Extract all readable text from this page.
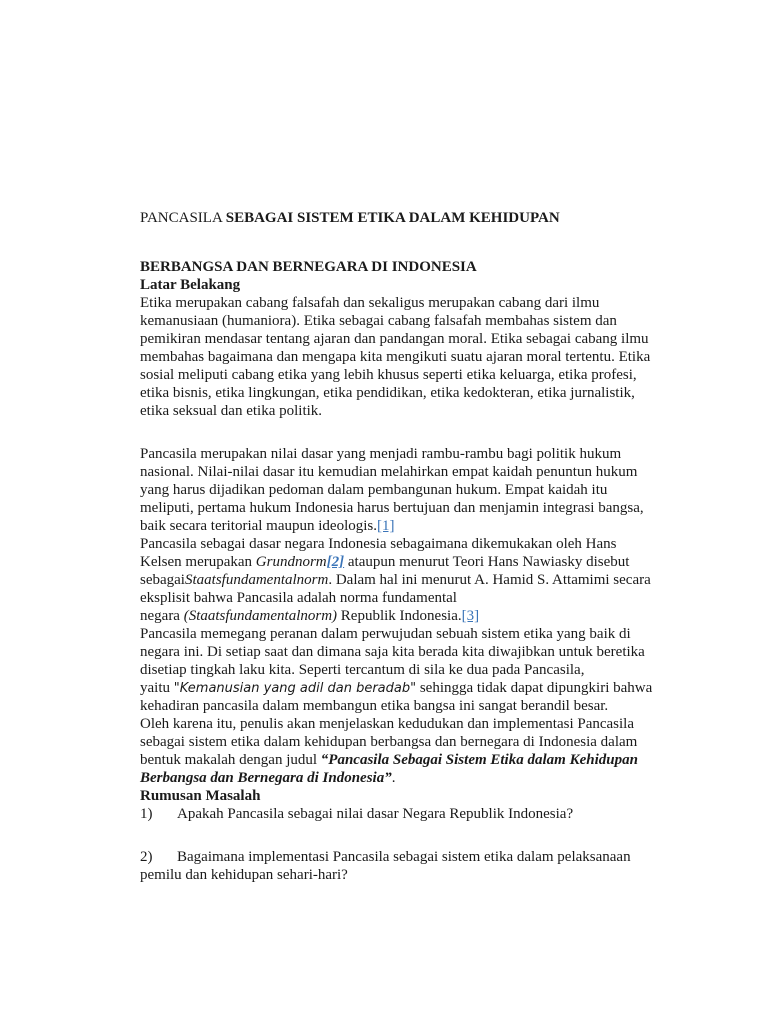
PANCASILA SEBAGAI SISTEM ETIKA DALAM KEHIDUPAN
BERBANGSA DAN BERNEGARA DI INDONESIA
Latar Belakang
Etika merupakan cabang falsafah dan sekaligus merupakan cabang dari ilmu
kemanusiaan (humaniora). Etika sebagai cabang falsafah membahas sistem dan
pemikiran mendasar tentang ajaran dan pandangan moral. Etika sebagai cabang ilmu
membahas bagaimana dan mengapa kita mengikuti suatu ajaran moral tertentu. Etika
sosial meliputi cabang etika yang lebih khusus seperti etika keluarga, etika profesi,
etika bisnis, etika lingkungan, etika pendidikan, etika kedokteran, etika jurnalistik,
etika seksual dan etika politik.
Pancasila merupakan nilai dasar yang menjadi rambu-rambu bagi politik hukum
nasional. Nilai-nilai dasar itu kemudian melahirkan empat kaidah penuntun hukum
yang harus dijadikan pedoman dalam pembangunan hukum. Empat kaidah itu
meliputi, pertama hukum Indonesia harus bertujuan dan menjamin integrasi bangsa,
baik secara teritorial maupun ideologis.[1]
Pancasila sebagai dasar negara Indonesia sebagaimana dikemukakan oleh Hans
Kelsen merupakan Grundnorm[2] ataupun menurut Teori Hans Nawiasky disebut
sebagaiStaatsfundamentalnorm. Dalam hal ini menurut A. Hamid S. Attamimi secara
eksplisit bahwa Pancasila adalah norma fundamental
negara (Staatsfundamentalnorm) Republik Indonesia.[3]
Pancasila memegang peranan dalam perwujudan sebuah sistem etika yang baik di
negara ini. Di setiap saat dan dimana saja kita berada kita diwajibkan untuk beretika
disetiap tingkah laku kita. Seperti tercantum di sila ke dua pada Pancasila,
yaitu "Kemanusian yang adil dan beradab" sehingga tidak dapat dipungkiri bahwa
kehadiran pancasila dalam membangun etika bangsa ini sangat berandil besar.
Oleh karena itu, penulis akan menjelaskan kedudukan dan implementasi Pancasila
sebagai sistem etika dalam kehidupan berbangsa dan bernegara di Indonesia dalam
bentuk makalah dengan judul “Pancasila Sebagai Sistem Etika dalam Kehidupan
Berbangsa dan Bernegara di Indonesia”.
Rumusan Masalah
1) Apakah Pancasila sebagai nilai dasar Negara Republik Indonesia?
2) Bagaimana implementasi Pancasila sebagai sistem etika dalam pelaksanaan
pemilu dan kehidupan sehari-hari?
